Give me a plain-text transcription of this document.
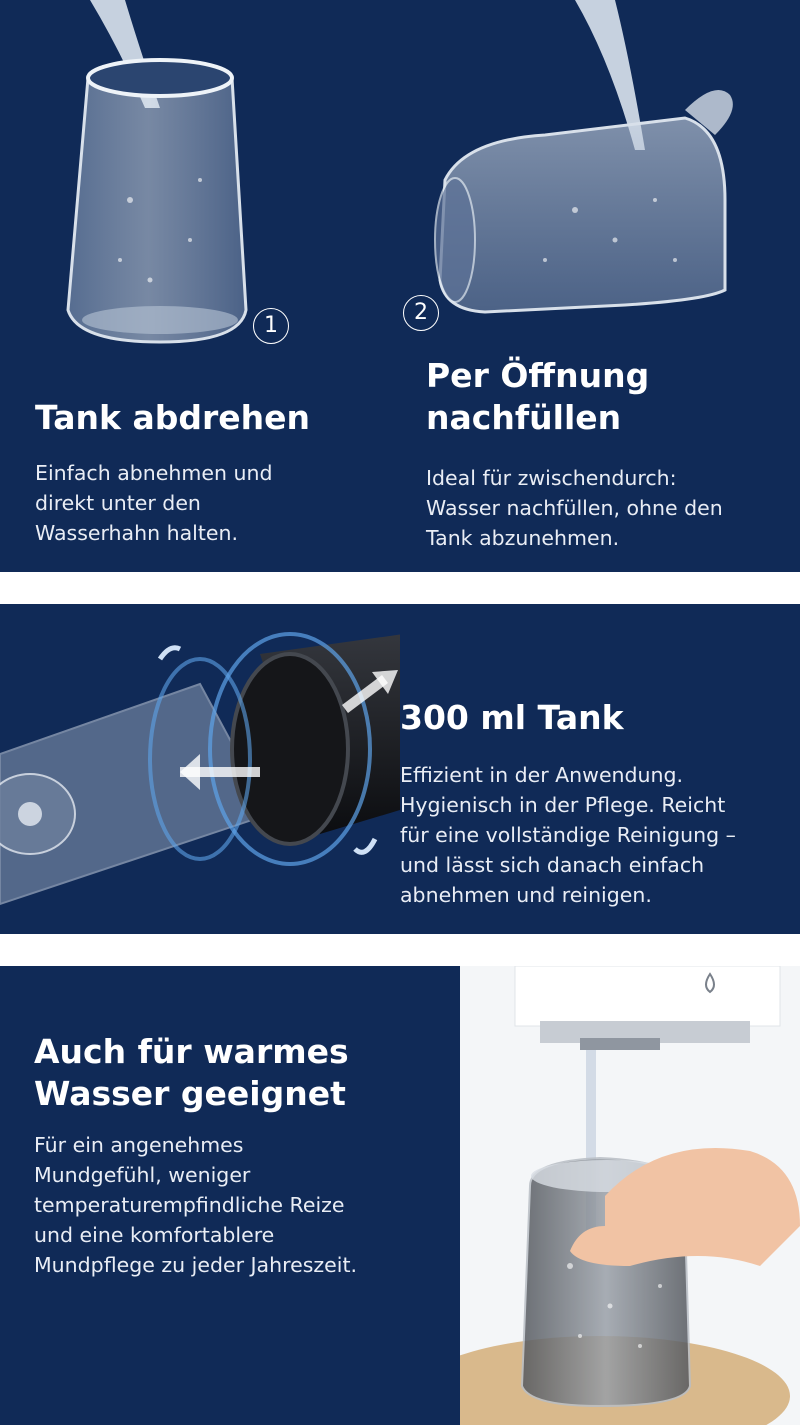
1
Tank abdrehen

Einfach abnehmen und
direkt unter den
Wasserhahn halten.

2
Per Öffnung
nachfüllen

Ideal für zwischendurch:
Wasser nachfüllen, ohne den
Tank abzunehmen.

300 ml Tank

Effizient in der Anwendung.
Hygienisch in der Pflege. Reicht
für eine vollständige Reinigung –
und lässt sich danach einfach
abnehmen und reinigen.

Auch für warmes
Wasser geeignet

Für ein angenehmes
Mundgefühl, weniger
temperaturempfindliche Reize
und eine komfortablere
Mundpflege zu jeder Jahreszeit.
